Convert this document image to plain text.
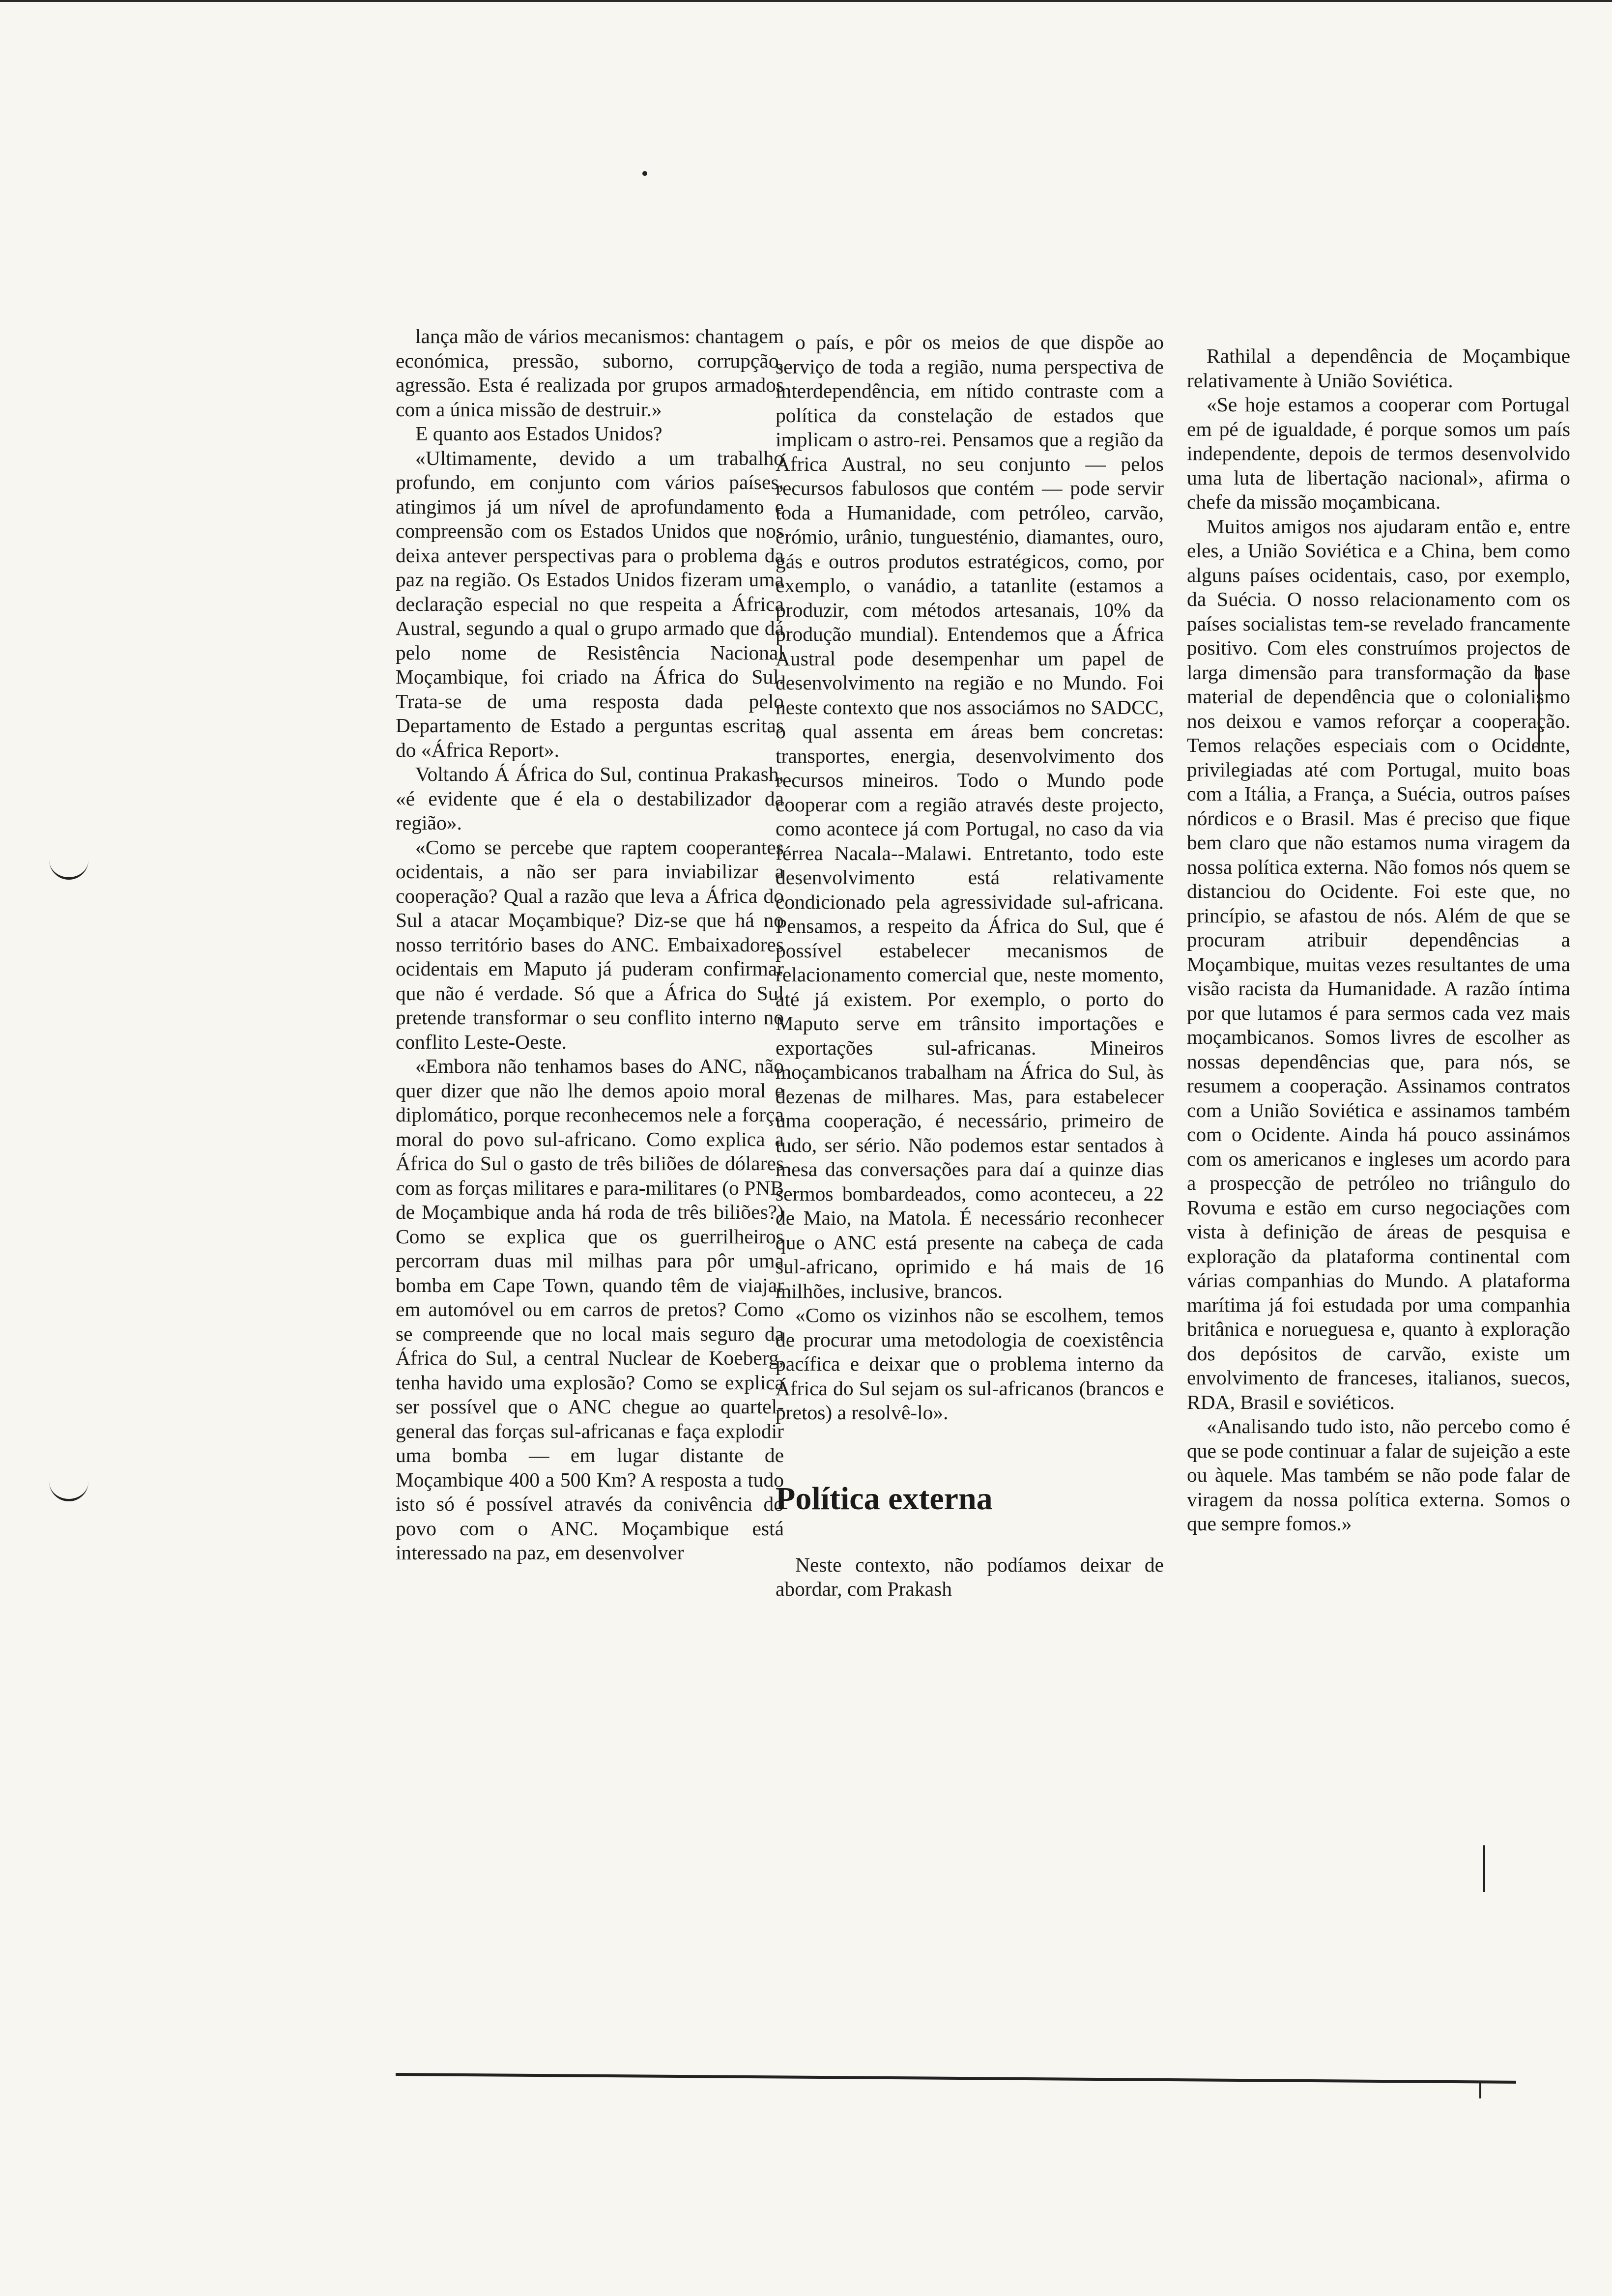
lança mão de vários mecanismos: chantagem económica, pressão, suborno, corrupção, agressão. Esta é realizada por grupos armados com a única missão de destruir.»

E quanto aos Estados Unidos?

«Ultimamente, devido a um trabalho profundo, em conjunto com vários países, atingimos já um nível de aprofundamento e compreensão com os Estados Unidos que nos deixa antever perspectivas para o problema da paz na região. Os Estados Unidos fizeram uma declaração especial no que respeita a África Austral, segundo a qual o grupo armado que dá pelo nome de Resistência Nacional Moçambique, foi criado na África do Sul. Trata-se de uma resposta dada pelo Departamento de Estado a perguntas escritas do «África Report».

Voltando Á África do Sul, continua Prakash, «é evidente que é ela o destabilizador da região».

«Como se percebe que raptem cooperantes ocidentais, a não ser para inviabilizar a cooperação? Qual a razão que leva a África do Sul a atacar Moçambique? Diz-se que há no nosso território bases do ANC. Embaixadores ocidentais em Maputo já puderam confirmar que não é verdade. Só que a África do Sul pretende transformar o seu conflito interno no conflito Leste-Oeste.

«Embora não tenhamos bases do ANC, não quer dizer que não lhe demos apoio moral e diplomático, porque reconhecemos nele a força moral do povo sul-africano. Como explica a África do Sul o gasto de três biliões de dólares com as forças militares e para-militares (o PNB de Moçambique anda há roda de três biliões?) Como se explica que os guerrilheiros percorram duas mil milhas para pôr uma bomba em Cape Town, quando têm de viajar em automóvel ou em carros de pretos? Como se compreende que no local mais seguro da África do Sul, a central Nuclear de Koeberg, tenha havido uma explosão? Como se explica ser possível que o ANC chegue ao quartel-general das forças sul-africanas e faça explodir uma bomba — em lugar distante de Moçambique 400 a 500 Km? A resposta a tudo isto só é possível através da conivência do povo com o ANC. Moçambique está interessado na paz, em desenvolver

o país, e pôr os meios de que dispõe ao serviço de toda a região, numa perspectiva de interdependência, em nítido contraste com a política da constelação de estados que implicam o astro-rei. Pensamos que a região da África Austral, no seu conjunto — pelos recursos fabulosos que contém — pode servir toda a Humanidade, com petróleo, carvão, crómio, urânio, tunguesténio, diamantes, ouro, gás e outros produtos estratégicos, como, por exemplo, o vanádio, a tatanlite (estamos a produzir, com métodos artesanais, 10% da produção mundial). Entendemos que a África Austral pode desempenhar um papel de desenvolvimento na região e no Mundo. Foi neste contexto que nos associámos no SADCC, o qual assenta em áreas bem concretas: transportes, energia, desenvolvimento dos recursos mineiros. Todo o Mundo pode cooperar com a região através deste projecto, como acontece já com Portugal, no caso da via férrea Nacala--Malawi. Entretanto, todo este desenvolvimento está relativamente condicionado pela agressividade sul-africana. Pensamos, a respeito da África do Sul, que é possível estabelecer mecanismos de relacionamento comercial que, neste momento, até já existem. Por exemplo, o porto do Maputo serve em trânsito importações e exportações sul-africanas. Mineiros moçambicanos trabalham na África do Sul, às dezenas de milhares. Mas, para estabelecer uma cooperação, é necessário, primeiro de tudo, ser sério. Não podemos estar sentados à mesa das conversações para daí a quinze dias sermos bombardeados, como aconteceu, a 22 de Maio, na Matola. É necessário reconhecer que o ANC está presente na cabeça de cada sul-africano, oprimido e há mais de 16 milhões, inclusive, brancos.

«Como os vizinhos não se escolhem, temos de procurar uma metodologia de coexistência pacífica e deixar que o problema interno da África do Sul sejam os sul-africanos (brancos e pretos) a resolvê-lo».

Política externa

Neste contexto, não podíamos deixar de abordar, com Prakash

Rathilal a dependência de Moçambique relativamente à União Soviética.

«Se hoje estamos a cooperar com Portugal em pé de igualdade, é porque somos um país independente, depois de termos desenvolvido uma luta de libertação nacional», afirma o chefe da missão moçambicana.

Muitos amigos nos ajudaram então e, entre eles, a União Soviética e a China, bem como alguns países ocidentais, caso, por exemplo, da Suécia. O nosso relacionamento com os países socialistas tem-se revelado francamente positivo. Com eles construímos projectos de larga dimensão para transformação da base material de dependência que o colonialismo nos deixou e vamos reforçar a cooperação. Temos relações especiais com o Ocidente, privilegiadas até com Portugal, muito boas com a Itália, a França, a Suécia, outros países nórdicos e o Brasil. Mas é preciso que fique bem claro que não estamos numa viragem da nossa política externa. Não fomos nós quem se distanciou do Ocidente. Foi este que, no princípio, se afastou de nós. Além de que se procuram atribuir dependências a Moçambique, muitas vezes resultantes de uma visão racista da Humanidade. A razão íntima por que lutamos é para sermos cada vez mais moçambicanos. Somos livres de escolher as nossas dependências que, para nós, se resumem a cooperação. Assinamos contratos com a União Soviética e assinamos também com o Ocidente. Ainda há pouco assinámos com os americanos e ingleses um acordo para a prospecção de petróleo no triângulo do Rovuma e estão em curso negociações com vista à definição de áreas de pesquisa e exploração da plataforma continental com várias companhias do Mundo. A plataforma marítima já foi estudada por uma companhia britânica e norueguesa e, quanto à exploração dos depósitos de carvão, existe um envolvimento de franceses, italianos, suecos, RDA, Brasil e soviéticos.

«Analisando tudo isto, não percebo como é que se pode continuar a falar de sujeição a este ou àquele. Mas também se não pode falar de viragem da nossa política externa. Somos o que sempre fomos.»
